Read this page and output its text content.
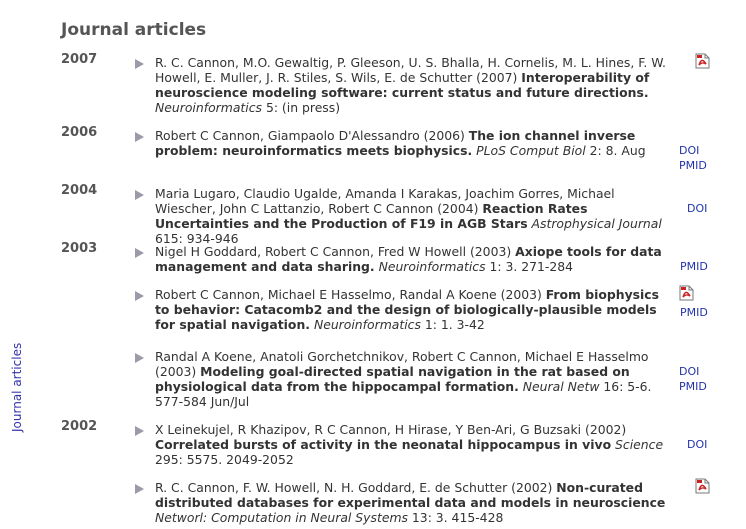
Journal articles
Journal articles
2007
2006
2004
2003
2002
R. C. Cannon, M.O. Gewaltig, P. Gleeson, U. S. Bhalla, H. Cornelis, M. L. Hines, F. W. Howell, E. Muller, J. R. Stiles, S. Wils, E. de Schutter (2007) Interoperability of neuroscience modeling software: current status and future directions. Neuroinformatics 5: (in press)
Robert C Cannon, Giampaolo D'Alessandro (2006) The ion channel inverse problem: neuroinformatics meets biophysics. PLoS Comput Biol 2: 8. Aug	DOI
PMID
Maria Lugaro, Claudio Ugalde, Amanda I Karakas, Joachim Gorres, Michael Wiescher, John C Lattanzio, Robert C Cannon (2004) Reaction Rates Uncertainties and the Production of F19 in AGB Stars Astrophysical Journal 615: 934-946
DOI
Nigel H Goddard, Robert C Cannon, Fred W Howell (2003) Axiope tools for data management and data sharing. Neuroinformatics 1: 3. 271-284	PMID
Robert C Cannon, Michael E Hasselmo, Randal A Koene (2003) From biophysics to behavior: Catacomb2 and the design of biologically-plausible models for spatial navigation. Neuroinformatics 1: 1. 3-42
PMID
Randal A Koene, Anatoli Gorchetchnikov, Robert C Cannon, Michael E Hasselmo (2003) Modeling goal-directed spatial navigation in the rat based on physiological data from the hippocampal formation. Neural Netw 16: 5-6. 577-584 Jun/Jul
DOI
PMID
X Leinekujel, R Khazipov, R C Cannon, H Hirase, Y Ben-Ari, G Buzsaki (2002) Correlated bursts of activity in the neonatal hippocampus in vivo Science 295: 5575. 2049-2052
DOI
R. C. Cannon, F. W. Howell, N. H. Goddard, E. de Schutter (2002) Non-curated distributed databases for experimental data and models in neuroscience Networl: Computation in Neural Systems 13: 3. 415-428
